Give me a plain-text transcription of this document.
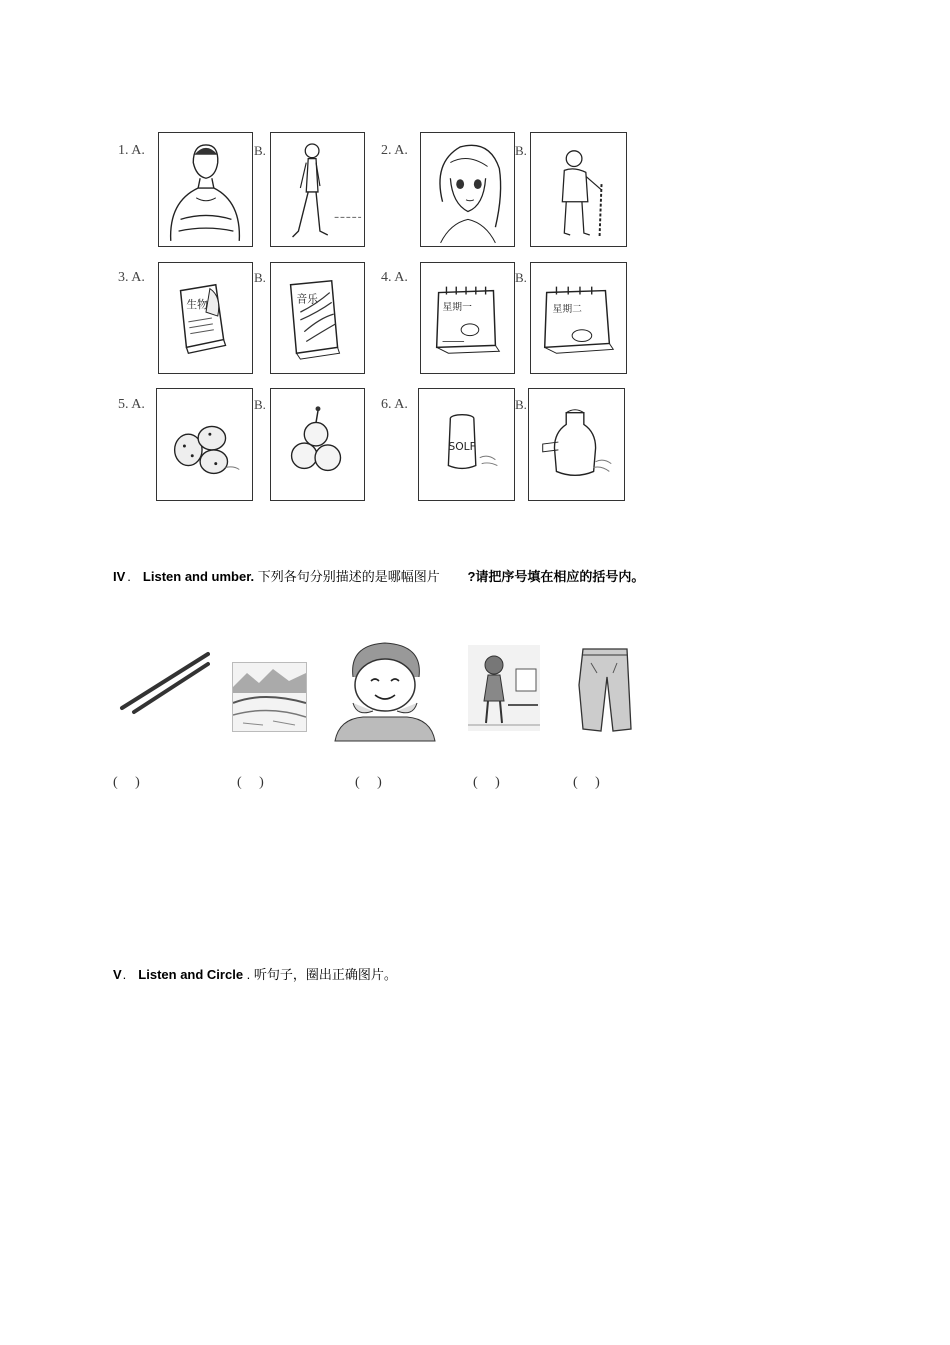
1. A.	B.	2. A.	B.
3. A.
生物
B.
音乐
4. A.
星期一
B.
星期二
5. A.	B.	6. A.
SOLF
B.
IV . Listen and umber. 下列各句分别描述的是哪幅图片 ?请把序号填在相应的括号内。
(     )	(     )	(     )	(     )	(     )
V. Listen and Circle . 听句子，圈出正确图片。
